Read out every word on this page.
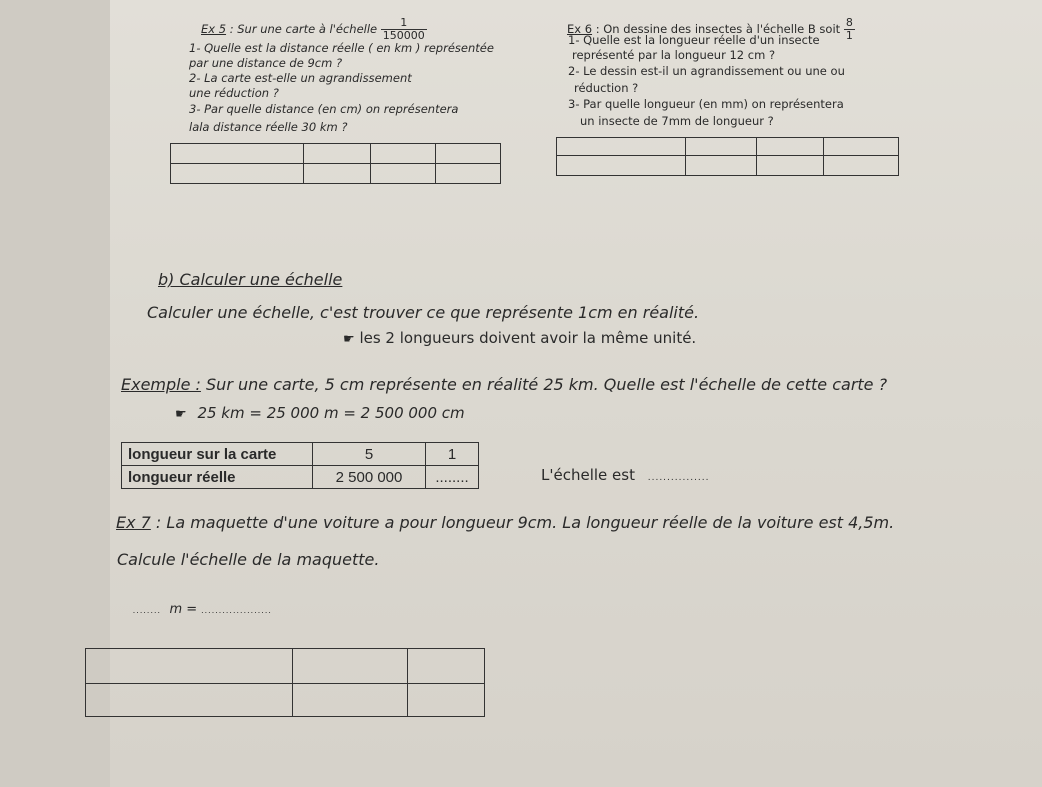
Ex 5 : Sur une carte à l'échelle $\frac{1}{150000}$
1- Quelle est la distance réelle ( en km ) représentée
par une distance de 9cm ?
2- La carte est-elle un agrandissement
une réduction ?
3- Par quelle distance (en cm) on représentera
lala distance réelle 30 km ?

Ex 6 : On dessine des insectes à l'échelle B soit $\frac{8}{1}$
1- Quelle est la longueur réelle d'un insecte
représenté par la longueur 12 cm ?
2- Le dessin est-il un agrandissement ou une ou
réduction ?
3- Par quelle longueur (en mm) on représentera
un insecte de 7mm de longueur ?

b) Calculer une échelle
Calculer une échelle, c'est trouver ce que représente 1cm en réalité.
☛ les 2 longueurs doivent avoir la même unité.
Exemple : Sur une carte, 5 cm représente en réalité 25 km. Quelle est l'échelle de cette carte ?
☛ 25 km = 25 000 m = 2 500 000 cm
longueur sur la carte	5	1
longueur réelle	2 500 000	........	L'échelle est ................
Ex 7 : La maquette d'une voiture a pour longueur 9cm. La longueur réelle de la voiture est 4,5m.
Calcule l'échelle de la maquette.
........ m = ....................
